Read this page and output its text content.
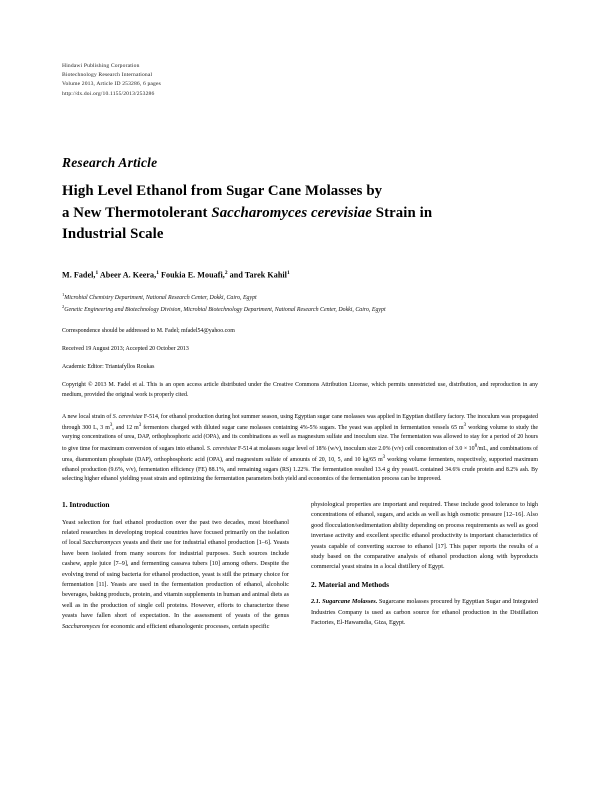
Hindawi Publishing Corporation
Biotechnology Research International
Volume 2013, Article ID 253286, 6 pages
http://dx.doi.org/10.1155/2013/253286
Research Article
High Level Ethanol from Sugar Cane Molasses by
a New Thermotolerant Saccharomyces cerevisiae Strain in
Industrial Scale
M. Fadel,$^1$ Abeer A. Keera,$^1$ Foukia E. Mouafi,$^2$ and Tarek Kahil$^1$
$^1$Microbial Chemistry Department, National Research Center, Dokki, Cairo, Egypt
$^2$Genetic Engineering and Biotechnology Division, Microbial Biotechnology Department, National Research Center, Dokki, Cairo, Egypt
Correspondence should be addressed to M. Fadel; mfadel54@yahoo.com
Received 19 August 2013; Accepted 20 October 2013
Academic Editor: Triantafyllos Roukas
Copyright © 2013 M. Fadel et al. This is an open access article distributed under the Creative Commons Attribution License, which permits unrestricted use, distribution, and reproduction in any medium, provided the original work is properly cited.
A new local strain of S. cerevisiae F-514, for ethanol production during hot summer season, using Egyptian sugar cane molasses was applied in Egyptian distillery factory. The inoculum was propagated through 300 L, 3 $m^3$, and 12 $m^3$ fermentors charged with diluted sugar cane molasses containing 4%-5% sugars. The yeast was applied in fermentation vessels 65 $m^3$ working volume to study the varying concentrations of urea, DAP, orthophosphoric acid (OPA), and its combinations as well as magnesium sulfate and inoculum size. The fermentation was allowed to stay for a period of 20 hours to give time for maximum conversion of sugars into ethanol. S. cerevisiae F-514 at molasses sugar level of 18% (w/v), inoculum size 2.0% (v/v) cell concentration of $3.0 \times 10^8/mL$, and combinations of urea, diammonium phosphate (DAP), orthophosphoric acid (OPA), and magnesium sulfate of amounts of 20, 10, 5, and 10 kg/65 $m^3$ working volume fermenters, respectively, supported maximum ethanol production (9.6%, v/v), fermentation efficiency (FE) 88.1%, and remaining sugars (RS) 1.22%. The fermentation resulted 13.4 g dry yeast/L contained 34.6% crude protein and 8.2% ash. By selecting higher ethanol yielding yeast strain and optimizing the fermentation parameters both yield and economics of the fermentation process can be improved.
1. Introduction

Yeast selection for fuel ethanol production over the past two decades, most bioethanol related researches in developing tropical countries have focused primarily on the isolation of local Saccharomyces yeasts and their use for industrial ethanol production [1–6]. Yeasts have been isolated from many sources for industrial purposes. Such sources include cashew, apple juice [7–9], and fermenting cassava tubers [10] among others. Despite the evolving trend of using bacteria for ethanol production, yeast is still the primary choice for fermentation [11]. Yeasts are used in the fermentation production of ethanol, alcoholic beverages, baking products, protein, and vitamin supplements in human and animal diets as well as in the production of single cell proteins. However, efforts to characterize these yeasts have fallen short of expectation. In the assessment of yeasts of the genus Saccharomyces for economic and efficient ethanologenic processes, certain specific

physiological properties are important and required. These include good tolerance to high concentrations of ethanol, sugars, and acids as well as high osmotic pressure [12–16]. Also good flocculation/sedimentation ability depending on process requirements as well as good invertase activity and excellent specific ethanol productivity is important characteristics of yeasts capable of converting sucrose to ethanol [17]. This paper reports the results of a study based on the comparative analysis of ethanol production along with byproducts commercial yeast strains in a local distillery of Egypt.

2. Material and Methods

2.1. Sugarcane Molasses. Sugarcane molasses procured by Egyptian Sugar and Integrated Industries Company is used as carbon source for ethanol production in the Distillation Factories, El-Hawamdia, Giza, Egypt.
